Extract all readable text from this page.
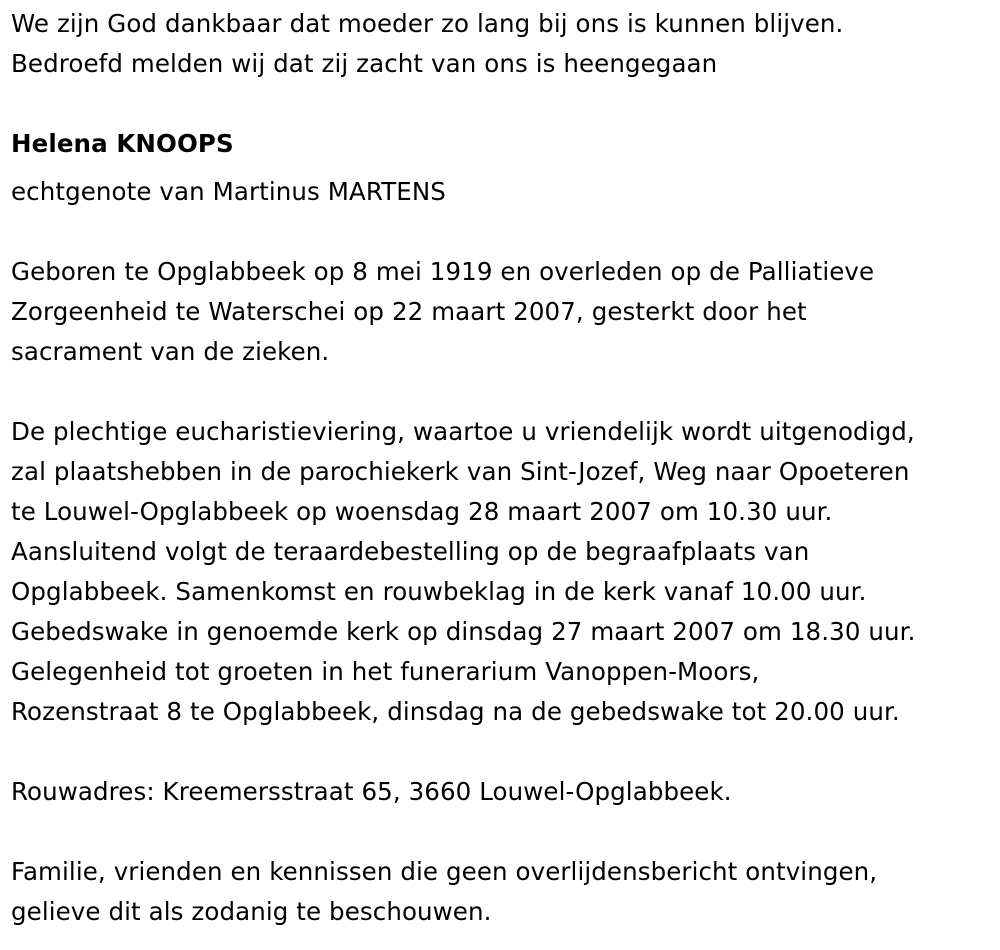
We zijn God dankbaar dat moeder zo lang bij ons is kunnen blijven.
Bedroefd melden wij dat zij zacht van ons is heengegaan

Helena KNOOPS

echtgenote van Martinus MARTENS

Geboren te Opglabbeek op 8 mei 1919 en overleden op de Palliatieve
Zorgeenheid te Waterschei op 22 maart 2007, gesterkt door het
sacrament van de zieken.

De plechtige eucharistieviering, waartoe u vriendelijk wordt uitgenodigd,
zal plaatshebben in de parochiekerk van Sint-Jozef, Weg naar Opoeteren
te Louwel-Opglabbeek op woensdag 28 maart 2007 om 10.30 uur.
Aansluitend volgt de teraardebestelling op de begraafplaats van
Opglabbeek. Samenkomst en rouwbeklag in de kerk vanaf 10.00 uur.
Gebedswake in genoemde kerk op dinsdag 27 maart 2007 om 18.30 uur.
Gelegenheid tot groeten in het funerarium Vanoppen-Moors,
Rozenstraat 8 te Opglabbeek, dinsdag na de gebedswake tot 20.00 uur.

Rouwadres: Kreemersstraat 65, 3660 Louwel-Opglabbeek.

Familie, vrienden en kennissen die geen overlijdensbericht ontvingen,
gelieve dit als zodanig te beschouwen.
